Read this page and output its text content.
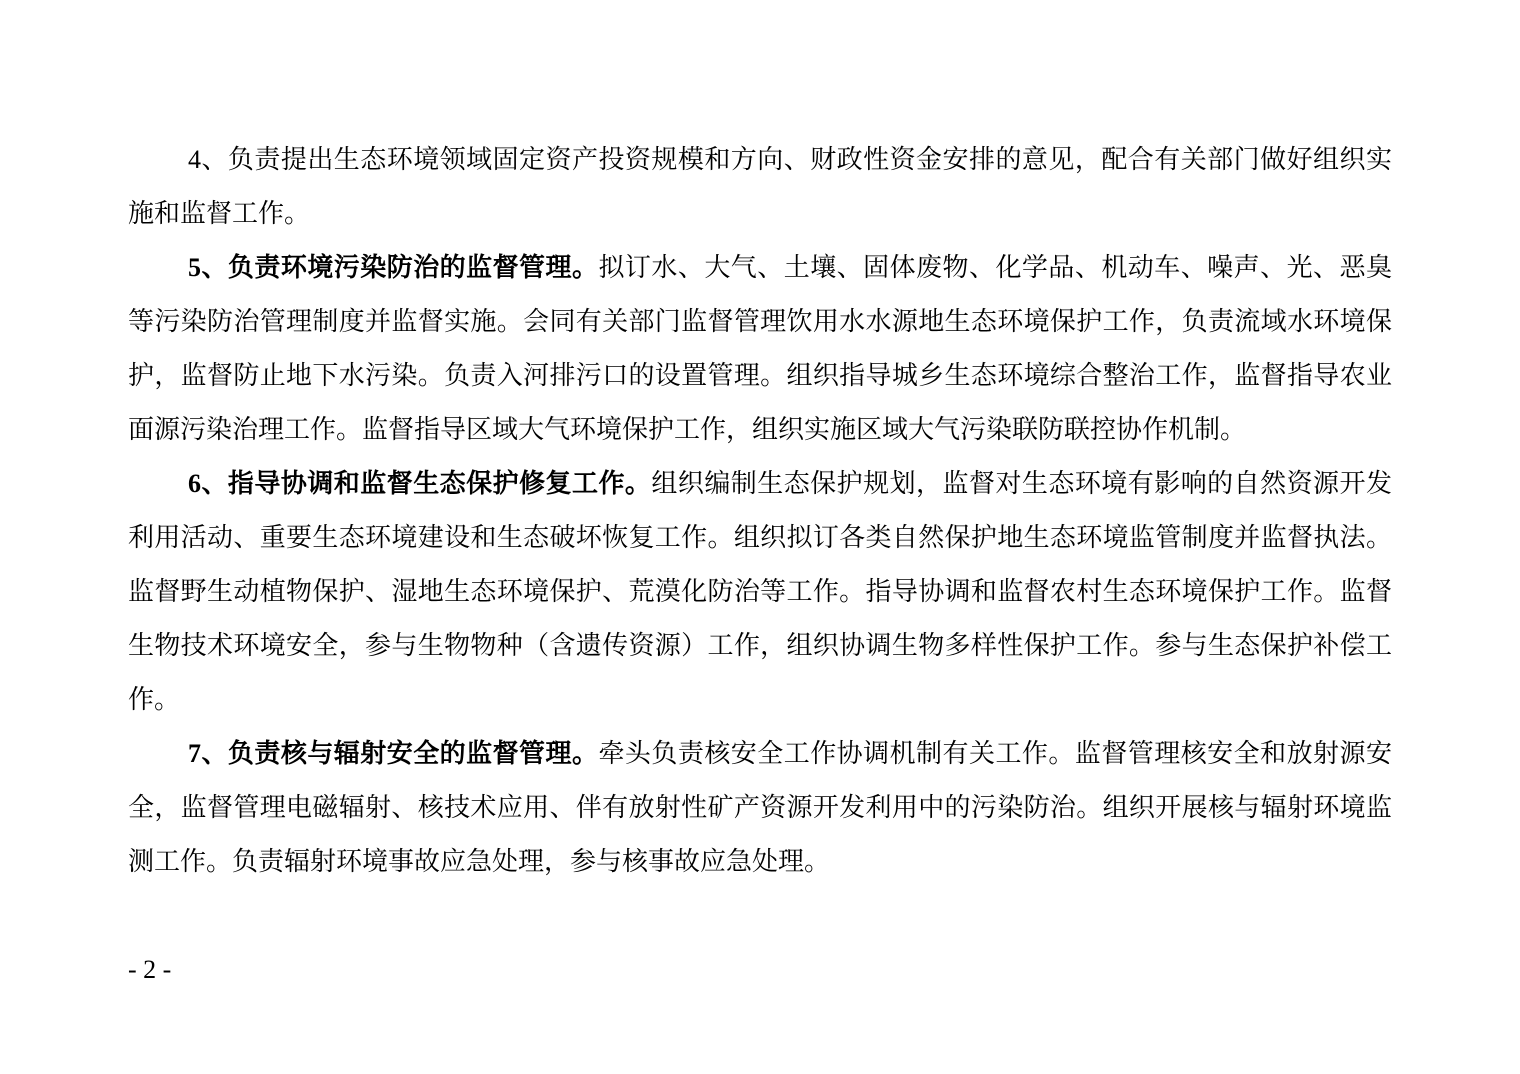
4、负责提出生态环境领域固定资产投资规模和方向、财政性资金安排的意见，配合有关部门做好组织实施和监督工作。

5、负责环境污染防治的监督管理。拟订水、大气、土壤、固体废物、化学品、机动车、噪声、光、恶臭等污染防治管理制度并监督实施。会同有关部门监督管理饮用水水源地生态环境保护工作，负责流域水环境保护，监督防止地下水污染。负责入河排污口的设置管理。组织指导城乡生态环境综合整治工作，监督指导农业面源污染治理工作。监督指导区域大气环境保护工作，组织实施区域大气污染联防联控协作机制。

6、指导协调和监督生态保护修复工作。组织编制生态保护规划，监督对生态环境有影响的自然资源开发利用活动、重要生态环境建设和生态破坏恢复工作。组织拟订各类自然保护地生态环境监管制度并监督执法。监督野生动植物保护、湿地生态环境保护、荒漠化防治等工作。指导协调和监督农村生态环境保护工作。监督生物技术环境安全，参与生物物种（含遗传资源）工作，组织协调生物多样性保护工作。参与生态保护补偿工作。

7、负责核与辐射安全的监督管理。牵头负责核安全工作协调机制有关工作。监督管理核安全和放射源安全，监督管理电磁辐射、核技术应用、伴有放射性矿产资源开发利用中的污染防治。组织开展核与辐射环境监测工作。负责辐射环境事故应急处理，参与核事故应急处理。

- 2 -
